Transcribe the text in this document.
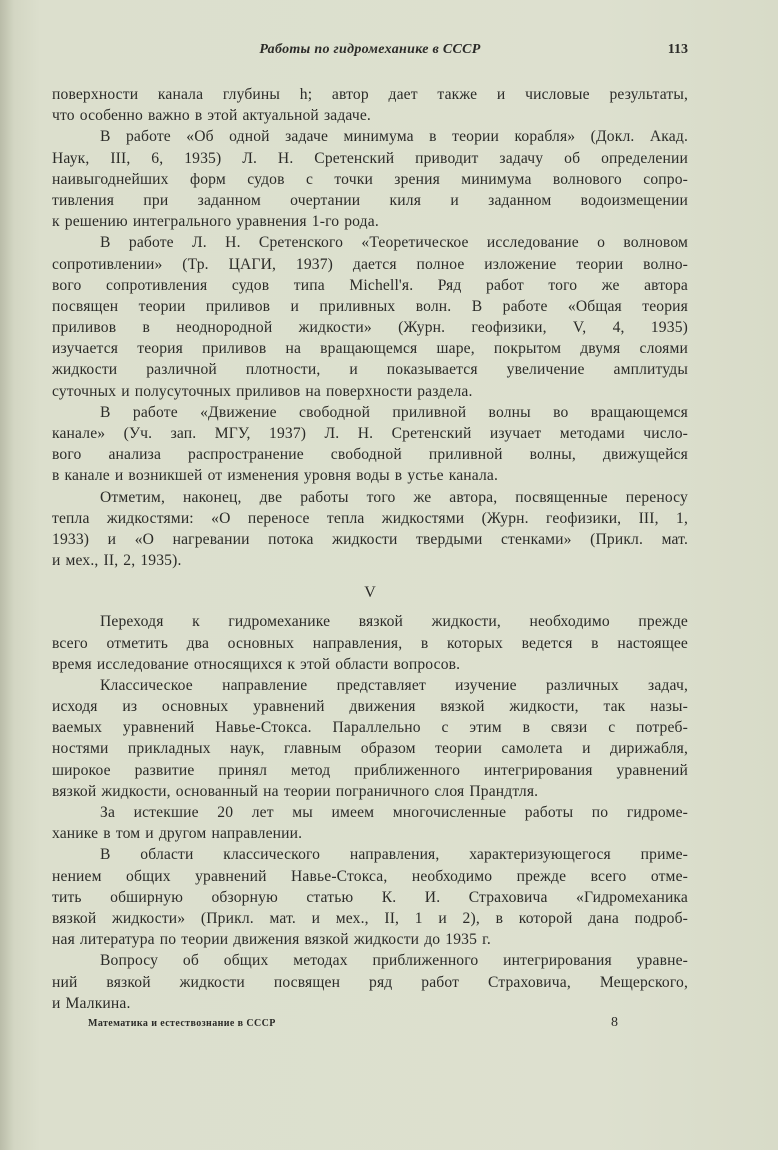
Работы по гидромеханике в СССР	113
поверхности канала глубины h; автор дает также и числовые результаты,
что особенно важно в этой актуальной задаче.
В работе «Об одной задаче минимума в теории корабля» (Докл. Акад.
Наук, III, 6, 1935) Л. Н. Сретенский приводит задачу об определении
наивыгоднейших форм судов с точки зрения минимума волнового сопро-
тивления при заданном очертании киля и заданном водоизмещении
к решению интегрального уравнения 1-го рода.
В работе Л. Н. Сретенского «Теоретическое исследование о волновом
сопротивлении» (Тр. ЦАГИ, 1937) дается полное изложение теории волно-
вого сопротивления судов типа Michell'я. Ряд работ того же автора
посвящен теории приливов и приливных волн. В работе «Общая теория
приливов в неоднородной жидкости» (Журн. геофизики, V, 4, 1935)
изучается теория приливов на вращающемся шаре, покрытом двумя слоями
жидкости различной плотности, и показывается увеличение амплитуды
суточных и полусуточных приливов на поверхности раздела.
В работе «Движение свободной приливной волны во вращающемся
канале» (Уч. зап. МГУ, 1937) Л. Н. Сретенский изучает методами число-
вого анализа распространение свободной приливной волны, движущейся
в канале и возникшей от изменения уровня воды в устье канала.
Отметим, наконец, две работы того же автора, посвященные переносу
тепла жидкостями: «О переносе тепла жидкостями (Журн. геофизики, III, 1,
1933) и «О нагревании потока жидкости твердыми стенками» (Прикл. мат.
и мех., II, 2, 1935).
V
Переходя к гидромеханике вязкой жидкости, необходимо прежде
всего отметить два основных направления, в которых ведется в настоящее
время исследование относящихся к этой области вопросов.
Классическое направление представляет изучение различных задач,
исходя из основных уравнений движения вязкой жидкости, так назы-
ваемых уравнений Навье-Стокса. Параллельно с этим в связи с потреб-
ностями прикладных наук, главным образом теории самолета и дирижабля,
широкое развитие принял метод приближенного интегрирования уравнений
вязкой жидкости, основанный на теории пограничного слоя Прандтля.
За истекшие 20 лет мы имеем многочисленные работы по гидроме-
ханике в том и другом направлении.
В области классического направления, характеризующегося приме-
нением общих уравнений Навье-Стокса, необходимо прежде всего отме-
тить обширную обзорную статью К. И. Страховича «Гидромеханика
вязкой жидкости» (Прикл. мат. и мех., II, 1 и 2), в которой дана подроб-
ная литература по теории движения вязкой жидкости до 1935 г.
Вопросу об общих методах приближенного интегрирования уравне-
ний вязкой жидкости посвящен ряд работ Страховича, Мещерского,
и Малкина.
Математика и естествознание в СССР	8
